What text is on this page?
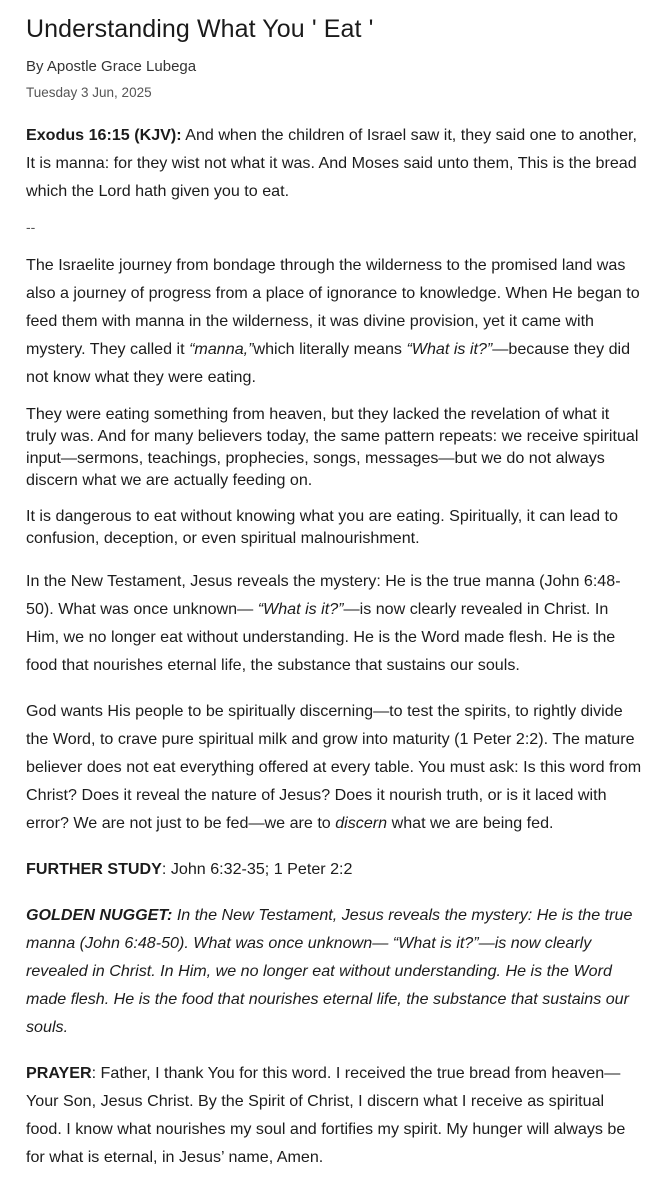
Understanding What You ' Eat '
By Apostle Grace Lubega
Tuesday 3 Jun, 2025

Exodus 16:15 (KJV): And when the children of Israel saw it, they said one to another, It is manna: for they wist not what it was. And Moses said unto them, This is the bread which the Lord hath given you to eat.

--

The Israelite journey from bondage through the wilderness to the promised land was also a journey of progress from a place of ignorance to knowledge. When He began to feed them with manna in the wilderness, it was divine provision, yet it came with mystery. They called it “manna,”which literally means “What is it?”—because they did not know what they were eating.

They were eating something from heaven, but they lacked the revelation of what it truly was. And for many believers today, the same pattern repeats: we receive spiritual input—sermons, teachings, prophecies, songs, messages—but we do not always discern what we are actually feeding on.

It is dangerous to eat without knowing what you are eating. Spiritually, it can lead to confusion, deception, or even spiritual malnourishment.

In the New Testament, Jesus reveals the mystery: He is the true manna (John 6:48-50). What was once unknown— “What is it?”—is now clearly revealed in Christ. In Him, we no longer eat without understanding. He is the Word made flesh. He is the food that nourishes eternal life, the substance that sustains our souls.

God wants His people to be spiritually discerning—to test the spirits, to rightly divide the Word, to crave pure spiritual milk and grow into maturity (1 Peter 2:2). The mature believer does not eat everything offered at every table. You must ask: Is this word from Christ? Does it reveal the nature of Jesus? Does it nourish truth, or is it laced with error? We are not just to be fed—we are to discern what we are being fed.

FURTHER STUDY: John 6:32-35; 1 Peter 2:2

GOLDEN NUGGET: In the New Testament, Jesus reveals the mystery: He is the true manna (John 6:48-50). What was once unknown— “What is it?”—is now clearly revealed in Christ. In Him, we no longer eat without understanding. He is the Word made flesh. He is the food that nourishes eternal life, the substance that sustains our souls.

PRAYER: Father, I thank You for this word. I received the true bread from heaven—Your Son, Jesus Christ. By the Spirit of Christ, I discern what I receive as spiritual food. I know what nourishes my soul and fortifies my spirit. My hunger will always be for what is eternal, in Jesus’ name, Amen.
